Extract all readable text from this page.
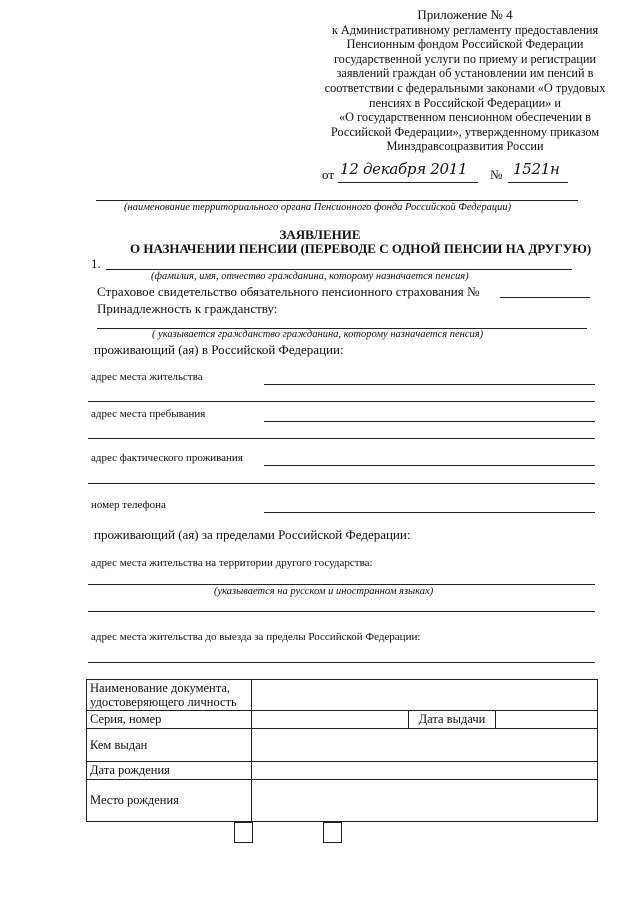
Приложение № 4
к Административному регламенту предоставления
Пенсионным фондом Российской Федерации
государственной услуги по приему и регистрации
заявлений граждан об установлении им пенсий в
соответствии с федеральными законами «О трудовых
пенсиях в Российской Федерации» и
«О государственном пенсионном обеспечении в
Российской Федерации», утвержденному приказом
Минздравсоцразвития России
от 12 декабря 2011 № 1521н
(наименование территориального органа Пенсионного фонда Российской Федерации)
ЗАЯВЛЕНИЕ
О НАЗНАЧЕНИИ ПЕНСИИ (ПЕРЕВОДЕ С ОДНОЙ ПЕНСИИ НА ДРУГУЮ)
1.
(фамилия, имя, отчество гражданина, которому назначается пенсия)
Страховое свидетельство обязательного пенсионного страхования №
Принадлежность к гражданству:
( указывается гражданство гражданина, которому назначается пенсия)
проживающий (ая) в Российской Федерации:
адрес места жительства
адрес места пребывания
адрес фактического проживания
номер телефона
проживающий (ая) за пределами Российской Федерации:
адрес места жительства на территории другого государства:
(указывается на русском и иностранном языках)
адрес места жительства до выезда за пределы Российской Федерации:
Наименование документа,
удостоверяющего личность			

Серия, номер		Дата выдачи	
Кем выдан			
Дата рождения			
Место рождения			
